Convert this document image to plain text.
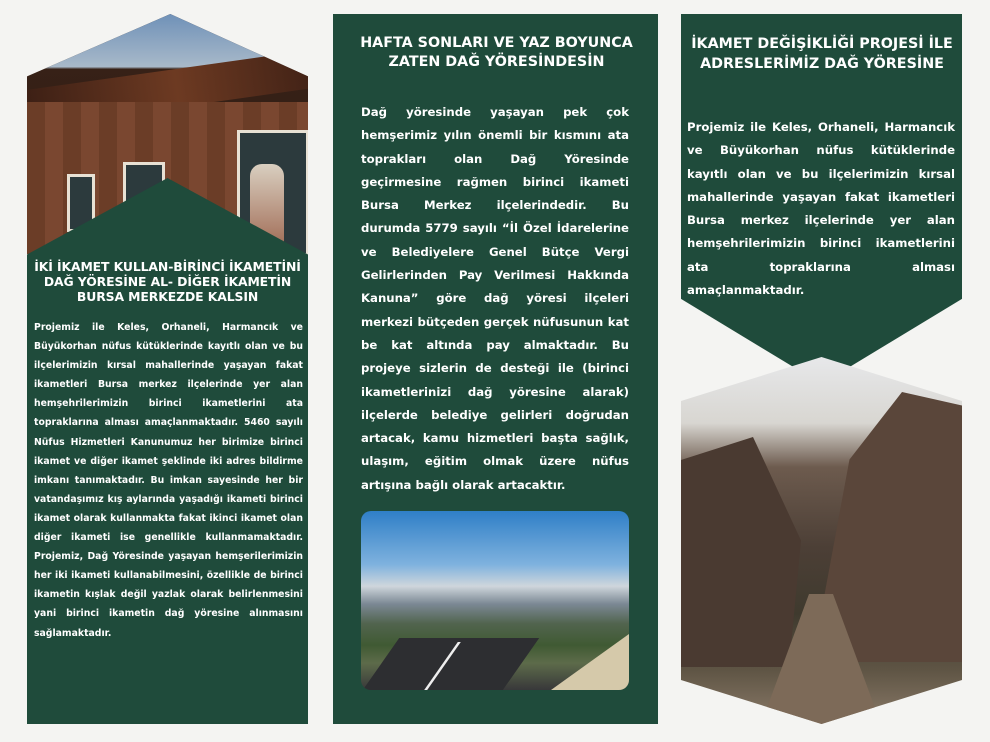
İKİ İKAMET KULLAN-BİRİNCİ İKAMETİNİ DAĞ YÖRESİNE AL- DİĞER İKAMETİN BURSA MERKEZDE KALSIN
Projemiz ile Keles, Orhaneli, Harmancık ve Büyükorhan nüfus kütüklerinde kayıtlı olan ve bu ilçelerimizin kırsal mahallerinde yaşayan fakat ikametleri Bursa merkez ilçelerinde yer alan hemşehrilerimizin birinci ikametlerini ata topraklarına alması amaçlanmaktadır. 5460 sayılı Nüfus Hizmetleri Kanunumuz her birimize birinci ikamet ve diğer ikamet şeklinde iki adres bildirme imkanı tanımaktadır. Bu imkan sayesinde her bir vatandaşımız kış aylarında yaşadığı ikameti birinci ikamet olarak kullanmakta fakat ikinci ikamet olan diğer ikameti ise genellikle kullanmamaktadır. Projemiz, Dağ Yöresinde yaşayan hemşerilerimizin her iki ikameti kullanabilmesini, özellikle de birinci ikametin kışlak değil yazlak olarak belirlenmesini yani birinci ikametin dağ yöresine alınmasını sağlamaktadır.
HAFTA SONLARI VE YAZ BOYUNCA ZATEN DAĞ YÖRESİNDESİN
Dağ yöresinde yaşayan pek çok hemşerimiz yılın önemli bir kısmını ata toprakları olan Dağ Yöresinde geçirmesine rağmen birinci ikameti Bursa Merkez ilçelerindedir. Bu durumda 5779 sayılı “İl Özel İdarelerine ve Belediyelere Genel Bütçe Vergi Gelirlerinden Pay Verilmesi Hakkında Kanuna” göre dağ yöresi ilçeleri merkezi bütçeden gerçek nüfusunun kat be kat altında pay almaktadır. Bu projeye sizlerin de desteği ile (birinci ikametlerinizi dağ yöresine alarak) ilçelerde belediye gelirleri doğrudan artacak, kamu hizmetleri başta sağlık, ulaşım, eğitim olmak üzere nüfus artışına bağlı olarak artacaktır.
İKAMET DEĞİŞİKLİĞİ PROJESİ İLE ADRESLERİMİZ DAĞ YÖRESİNE
Projemiz ile Keles, Orhaneli, Harmancık ve Büyükorhan nüfus kütüklerinde kayıtlı olan ve bu ilçelerimizin kırsal mahallerinde yaşayan fakat ikametleri Bursa merkez ilçelerinde yer alan hemşehrilerimizin birinci ikametlerini ata topraklarına alması amaçlanmaktadır.
